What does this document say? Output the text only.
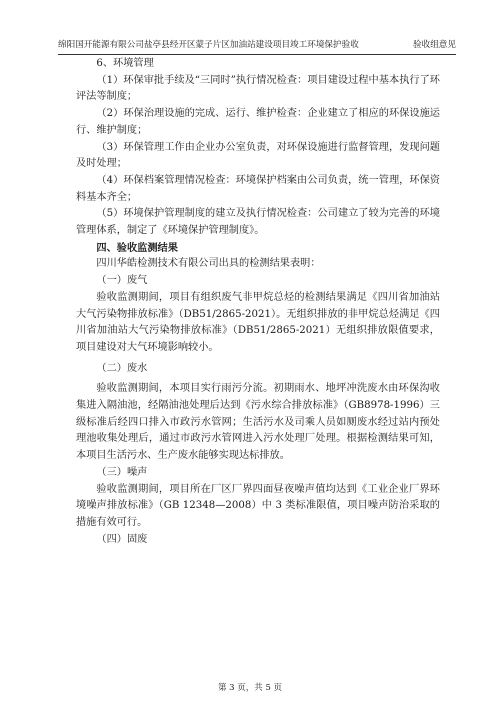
绵阳国开能源有限公司盐亭县经开区蒙子片区加油站建设项目竣工环境保护验收	验收组意见

6、环境管理

（1）环保审批手续及“三同时”执行情况检查：项目建设过程中基本执行了环评法等制度；

（2）环保治理设施的完成、运行、维护检查：企业建立了相应的环保设施运行、维护制度；

（3）环保管理工作由企业办公室负责，对环保设施进行监督管理，发现问题及时处理；

（4）环保档案管理情况检查：环境保护档案由公司负责，统一管理，环保资料基本齐全；

（5）环境保护管理制度的建立及执行情况检查：公司建立了较为完善的环境管理体系，制定了《环境保护管理制度》。

四、验收监测结果

四川华皓检测技术有限公司出具的检测结果表明：

（一）废气

验收监测期间，项目有组织废气非甲烷总烃的检测结果满足《四川省加油站大气污染物排放标准》（DB51/2865-2021）。无组织排放的非甲烷总烃满足《四川省加油站大气污染物排放标准》（DB51/2865-2021）无组织排放限值要求，项目建设对大气环境影响较小。

（二）废水

验收监测期间，本项目实行雨污分流。初期雨水、地坪冲洗废水由环保沟收集进入隔油池，经隔油池处理后达到《污水综合排放标准》（GB8978-1996）三级标准后经四口排入市政污水管网；生活污水及司乘人员如厕废水经过站内预处理池收集处理后，通过市政污水管网进入污水处理厂处理。根据检测结果可知，本项目生活污水、生产废水能够实现达标排放。

（三）噪声

验收监测期间，项目所在厂区厂界四面昼夜噪声值均达到《工业企业厂界环境噪声排放标准》（GB 12348—2008）中 3 类标准限值，项目噪声防治采取的措施有效可行。

（四）固废

第 3 页，共 5 页
